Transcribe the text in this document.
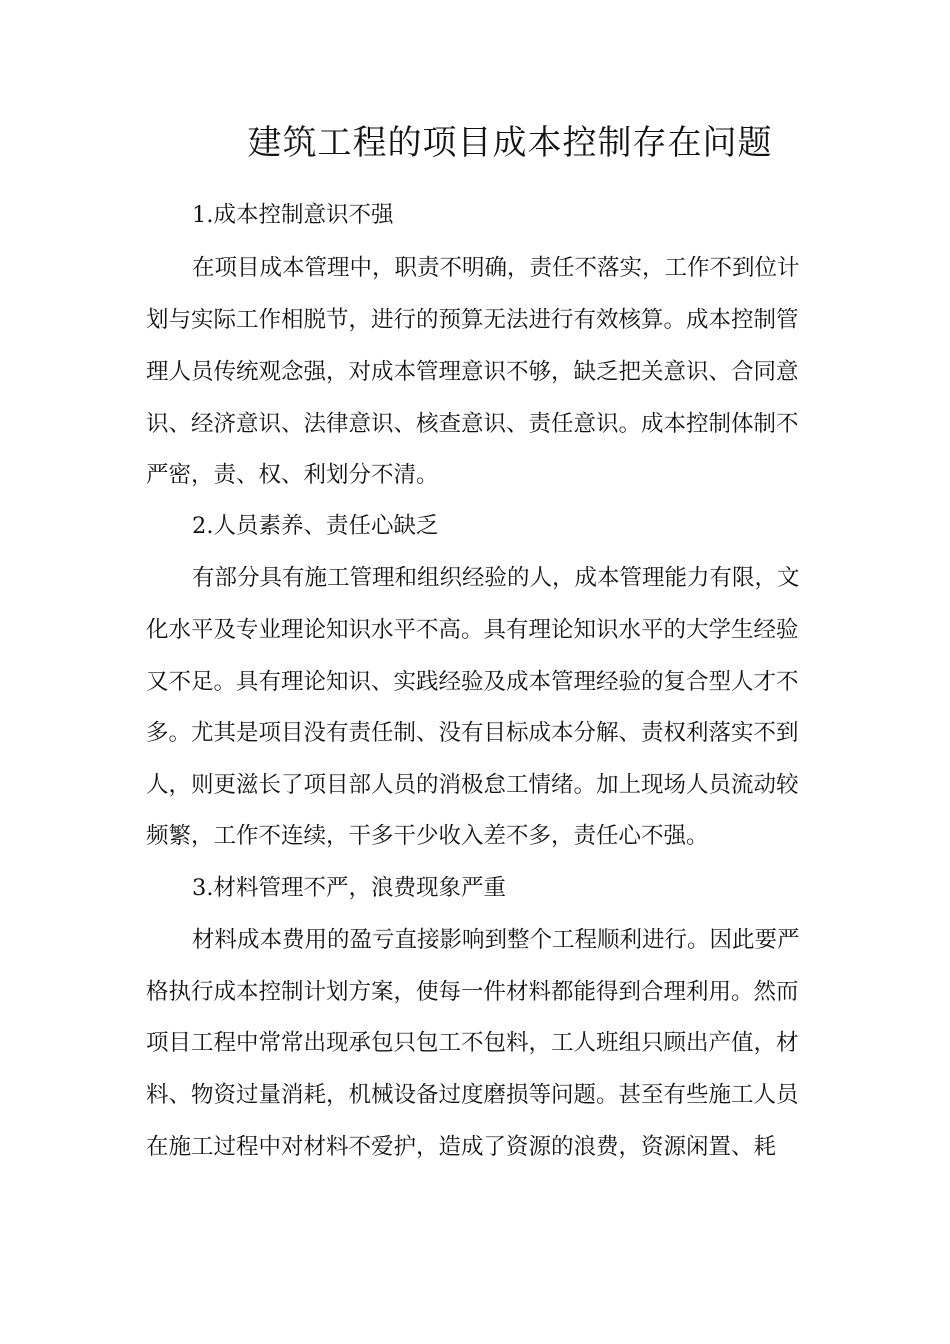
建筑工程的项目成本控制存在问题
1.成本控制意识不强
在项目成本管理中，职责不明确，责任不落实，工作不到位计
划与实际工作相脱节，进行的预算无法进行有效核算。成本控制管
理人员传统观念强，对成本管理意识不够，缺乏把关意识、合同意
识、经济意识、法律意识、核查意识、责任意识。成本控制体制不
严密，责、权、利划分不清。
2.人员素养、责任心缺乏
有部分具有施工管理和组织经验的人，成本管理能力有限，文
化水平及专业理论知识水平不高。具有理论知识水平的大学生经验
又不足。具有理论知识、实践经验及成本管理经验的复合型人才不
多。尤其是项目没有责任制、没有目标成本分解、责权利落实不到
人，则更滋长了项目部人员的消极怠工情绪。加上现场人员流动较
频繁，工作不连续，干多干少收入差不多，责任心不强。
3.材料管理不严，浪费现象严重
材料成本费用的盈亏直接影响到整个工程顺利进行。因此要严
格执行成本控制计划方案，使每一件材料都能得到合理利用。然而
项目工程中常常出现承包只包工不包料，工人班组只顾出产值，材
料、物资过量消耗，机械设备过度磨损等问题。甚至有些施工人员
在施工过程中对材料不爱护，造成了资源的浪费，资源闲置、耗
